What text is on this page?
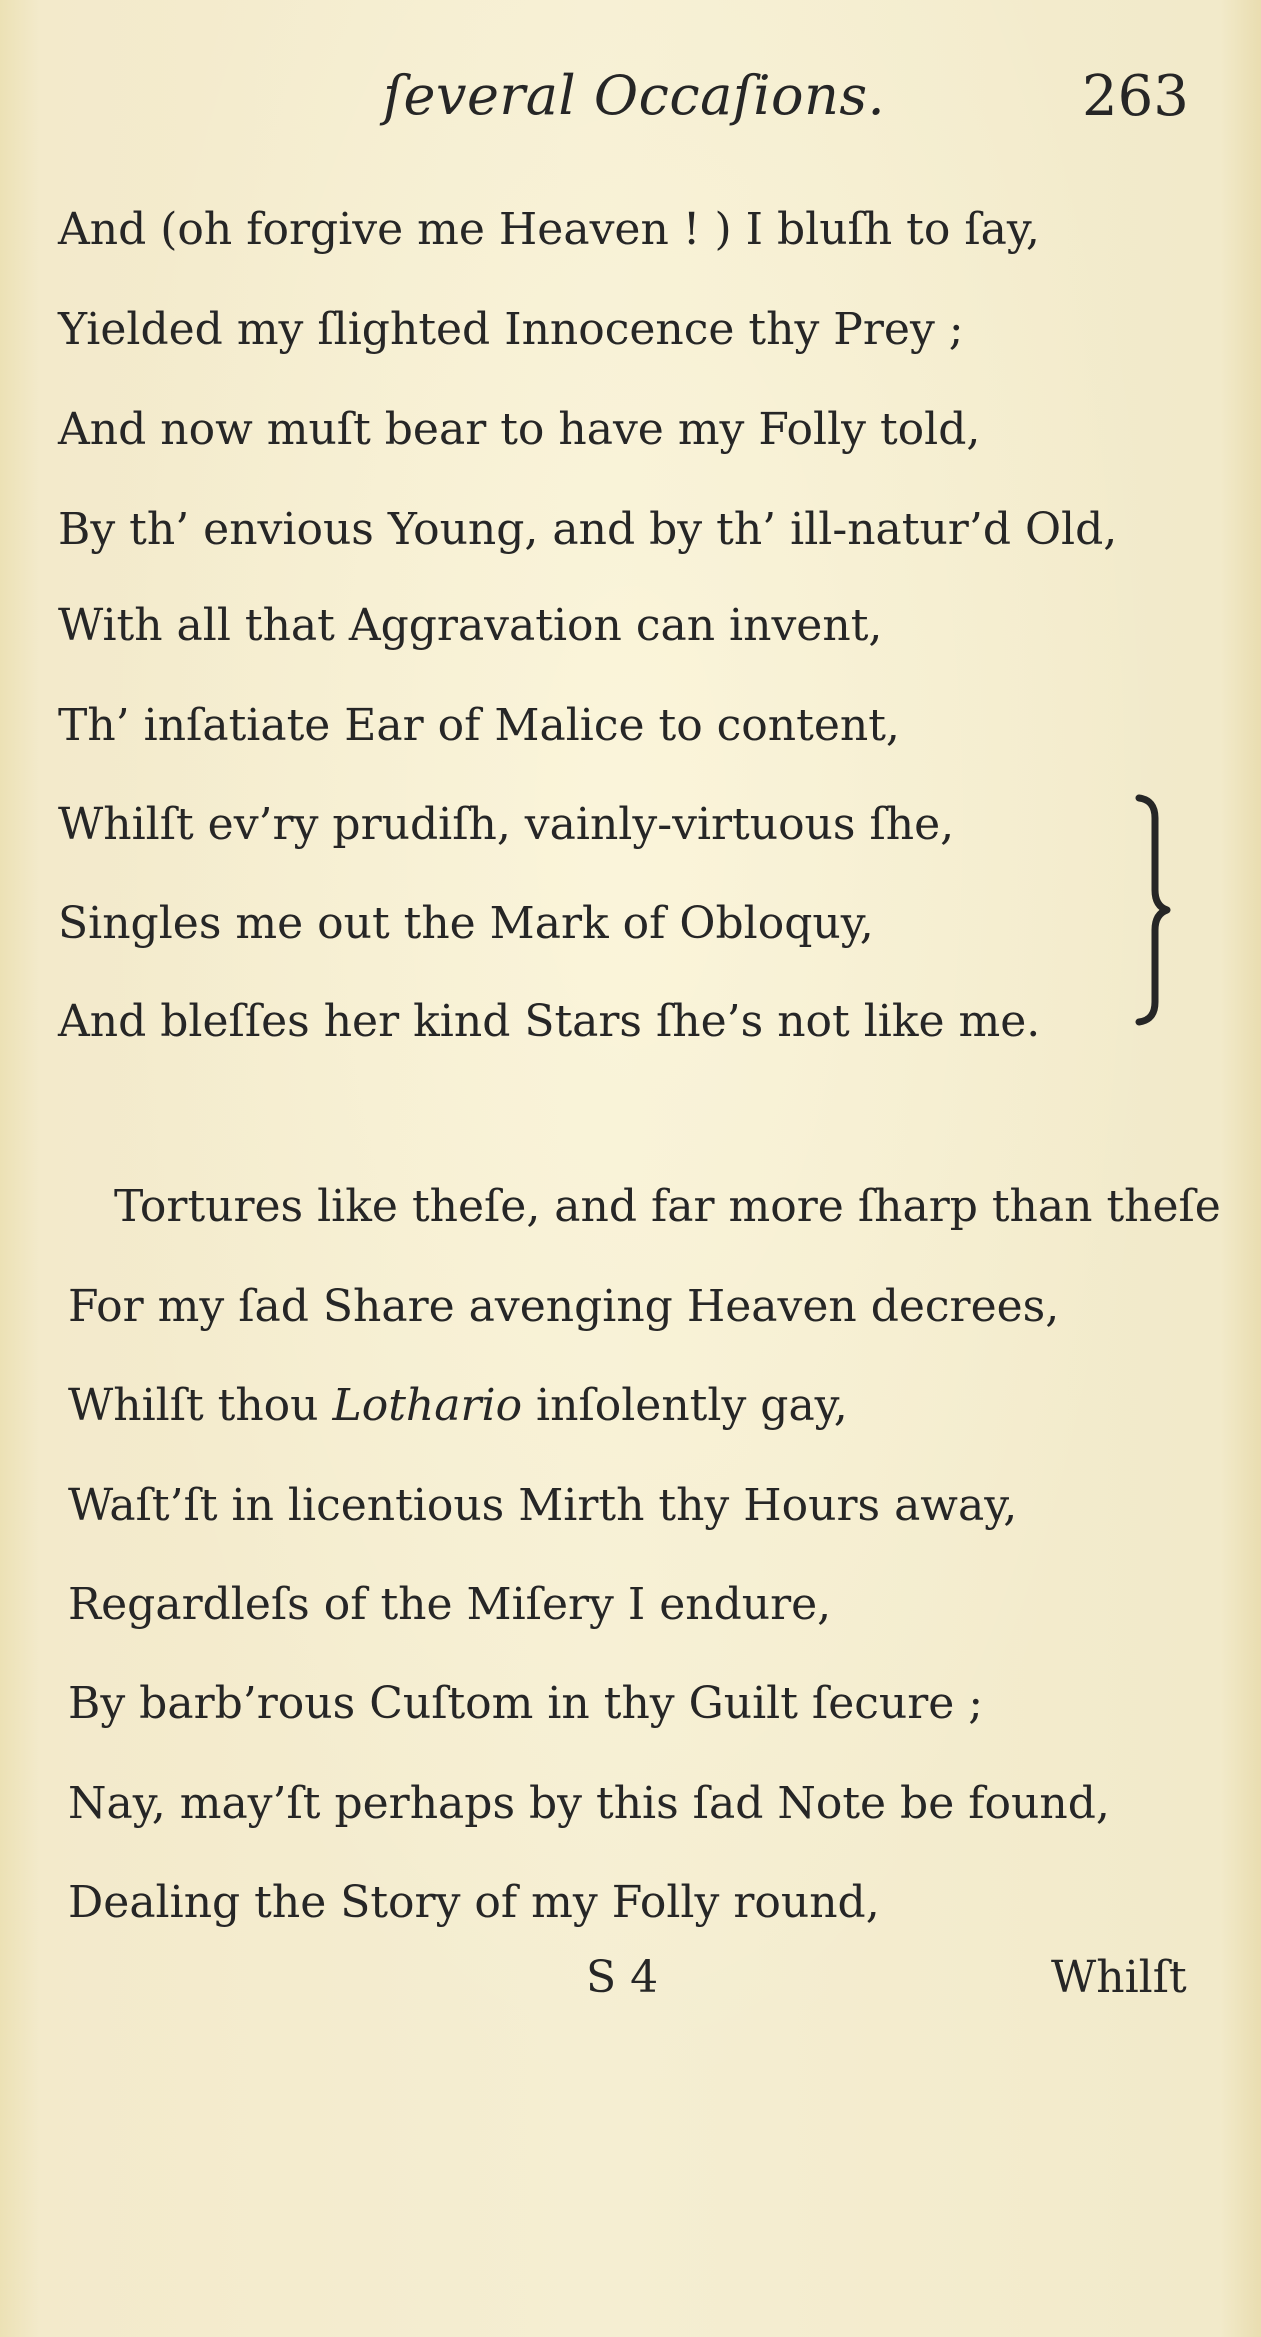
ſeveral Occaſions.	263
And (oh forgive me Heaven ! ) I bluſh to ſay,
Yielded my ſlighted Innocence thy Prey ;
And now muſt bear to have my Folly told,
By th’ envious Young, and by th’ ill-natur’d Old,
With all that Aggravation can invent,
Th’ inſatiate Ear of Malice to content,
Whilſt ev’ry prudiſh, vainly-virtuous ſhe,
Singles me out the Mark of Obloquy,
And bleſſes her kind Stars ſhe’s not like me.
Tortures like theſe, and far more ſharp than theſe
For my ſad Share avenging Heaven decrees,
Whilſt thou Lothario inſolently gay,
Waſt’ſt in licentious Mirth thy Hours away,
Regardleſs of the Miſery I endure,
By barb’rous Cuſtom in thy Guilt ſecure ;
Nay, may’ſt perhaps by this ſad Note be found,
Dealing the Story of my Folly round,
S 4	Whilſt
